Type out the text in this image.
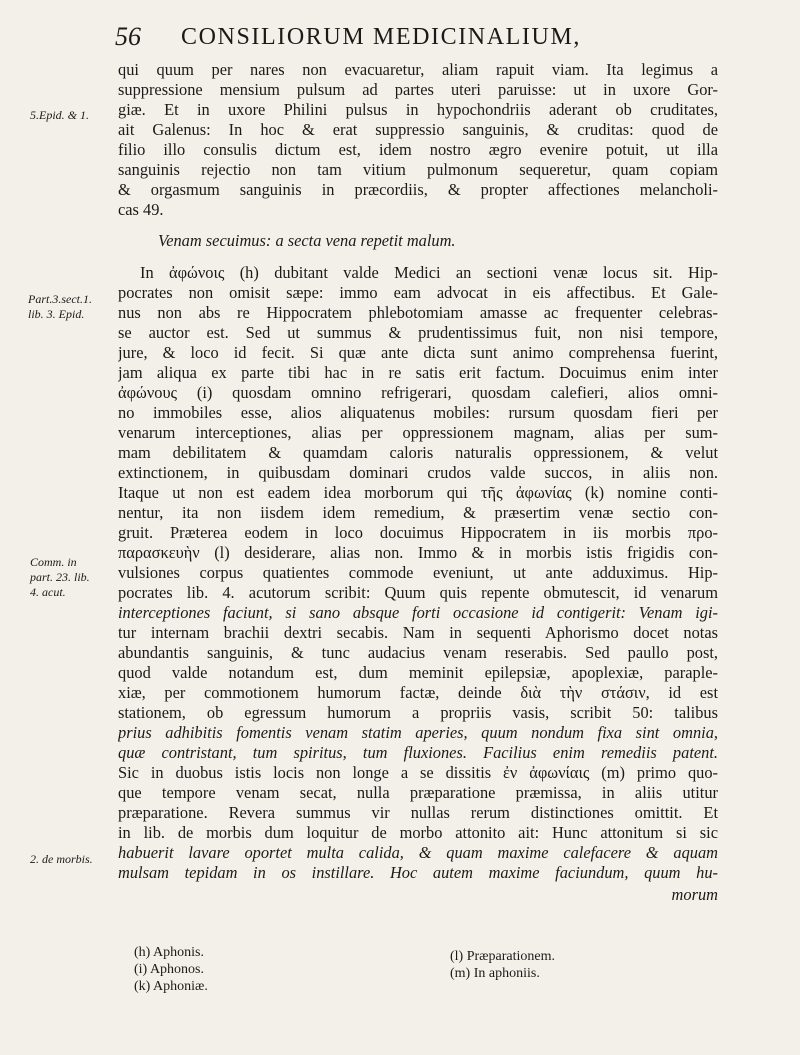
56 CONSILIORUM MEDICINALIUM,
5.Epid. & 1.
Part.3.sect.1.
lib. 3. Epid.
Comm. in
part. 23. lib.
4. acut.
2. de morbis.
qui quum per nares non evacuaretur, aliam rapuit viam. Ita legimus a
suppressione mensium pulsum ad partes uteri paruisse: ut in uxore Gor-
giæ. Et in uxore Philini pulsus in hypochondriis aderant ob cruditates,
ait Galenus: In hoc & erat suppressio sanguinis, & cruditas: quod de
filio illo consulis dictum est, idem nostro ægro evenire potuit, ut illa
sanguinis rejectio non tam vitium pulmonum sequeretur, quam copiam
& orgasmum sanguinis in præcordiis, & propter affectiones melancholi-
cas 49.
Venam secuimus: a secta vena repetit malum.
In ἀφώνοις (h) dubitant valde Medici an sectioni venæ locus sit. Hip-
pocrates non omisit sæpe: immo eam advocat in eis affectibus. Et Gale-
nus non abs re Hippocratem phlebotomiam amasse ac frequenter celebras-
se auctor est. Sed ut summus & prudentissimus fuit, non nisi tempore,
jure, & loco id fecit. Si quæ ante dicta sunt animo comprehensa fuerint,
jam aliqua ex parte tibi hac in re satis erit factum. Docuimus enim inter
ἀφώνους (i) quosdam omnino refrigerari, quosdam calefieri, alios omni-
no immobiles esse, alios aliquatenus mobiles: rursum quosdam fieri per
venarum interceptiones, alias per oppressionem magnam, alias per sum-
mam debilitatem & quamdam caloris naturalis oppressionem, & velut
extinctionem, in quibusdam dominari crudos valde succos, in aliis non.
Itaque ut non est eadem idea morborum qui τῆς ἀφωνίας (k) nomine conti-
nentur, ita non iisdem idem remedium, & præsertim venæ sectio con-
gruit. Præterea eodem in loco docuimus Hippocratem in iis morbis προ-
παρασκευὴν (l) desiderare, alias non. Immo & in morbis istis frigidis con-
vulsiones corpus quatientes commode eveniunt, ut ante adduximus. Hip-
pocrates lib. 4. acutorum scribit: Quum quis repente obmutescit, id venarum
interceptiones faciunt, si sano absque forti occasione id contigerit: Venam igi-
tur internam brachii dextri secabis. Nam in sequenti Aphorismo docet notas
abundantis sanguinis, & tunc audacius venam reserabis. Sed paullo post,
quod valde notandum est, dum meminit epilepsiæ, apoplexiæ, paraple-
xiæ, per commotionem humorum factæ, deinde διὰ τὴν στάσιν, id est
stationem, ob egressum humorum a propriis vasis, scribit 50: talibus
prius adhibitis fomentis venam statim aperies, quum nondum fixa sint omnia,
quæ contristant, tum spiritus, tum fluxiones. Facilius enim remediis patent.
Sic in duobus istis locis non longe a se dissitis ἐν ἀφωνίαις (m) primo quo-
que tempore venam secat, nulla præparatione præmissa, in aliis utitur
præparatione. Revera summus vir nullas rerum distinctiones omittit. Et
in lib. de morbis dum loquitur de morbo attonito ait: Hunc attonitum si sic
habuerit lavare oportet multa calida, & quam maxime calefacere & aquam
mulsam tepidam in os instillare. Hoc autem maxime faciundum, quum hu-
morum
(h) Aphonis.
(i) Aphonos.
(k) Aphoniæ.
(l) Præparationem.
(m) In aphoniis.
